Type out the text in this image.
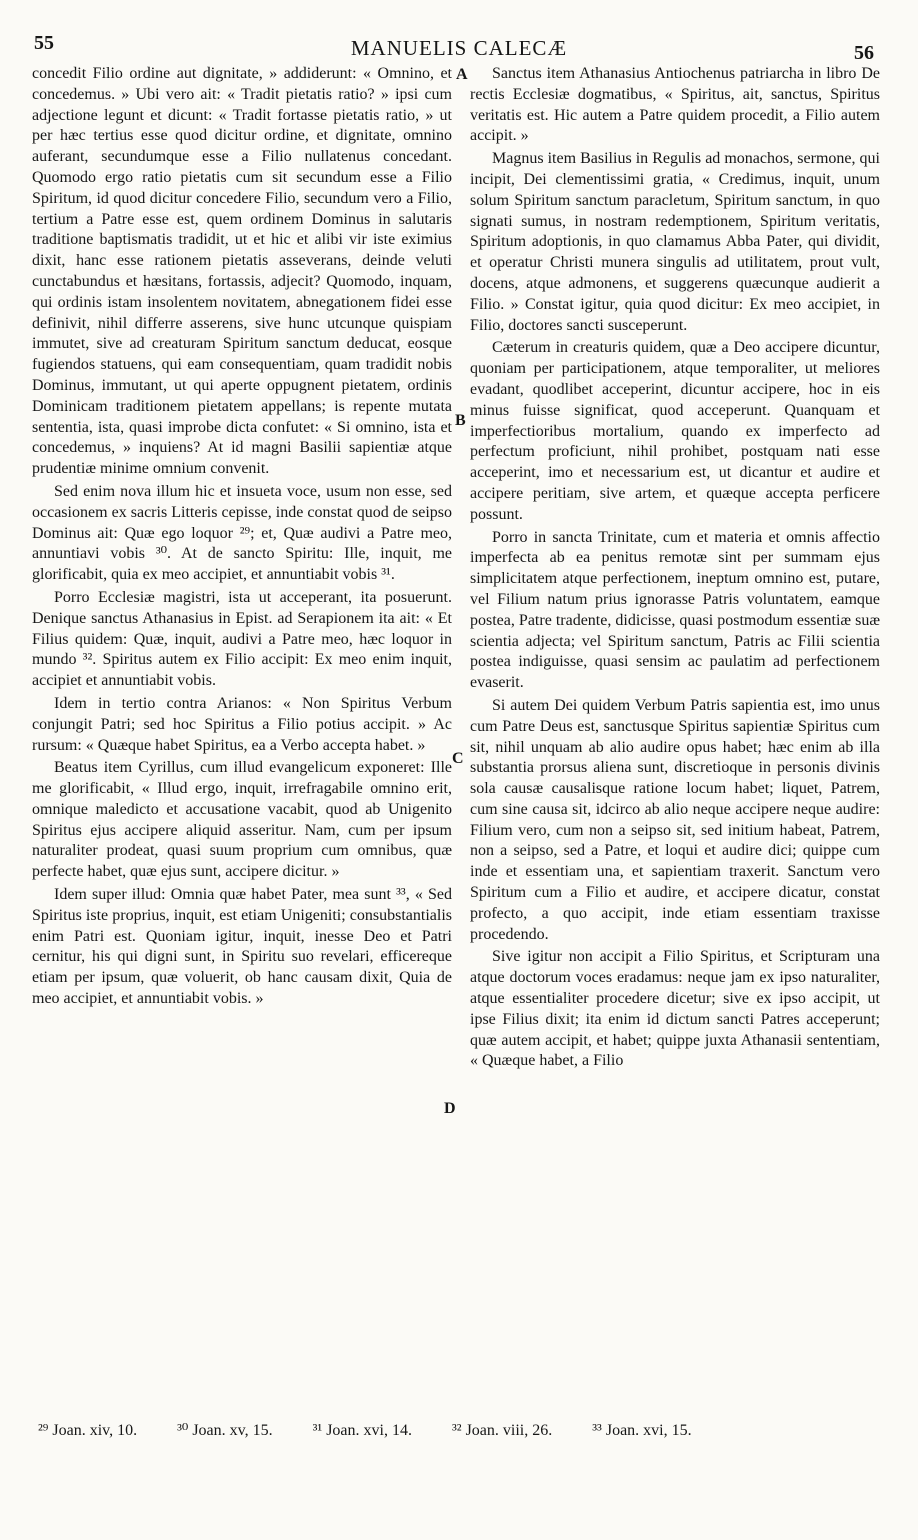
55	MANUELIS CALECÆ	56

concedit Filio ordine aut dignitate, » addiderunt: « Omnino, et concedemus. » Ubi vero ait: « Tradit pietatis ratio? » ipsi cum adjectione legunt et dicunt: « Tradit fortasse pietatis ratio, » ut per hæc tertius esse quod dicitur ordine, et dignitate, omnino auferant, secundumque esse a Filio nullatenus concedant. Quomodo ergo ratio pietatis cum sit secundum esse a Filio Spiritum, id quod dicitur concedere Filio, secundum vero a Filio, tertium a Patre esse est, quem ordinem Dominus in salutaris traditione baptismatis tradidit, ut et hic et alibi vir iste eximius dixit, hanc esse rationem pietatis asseverans, deinde veluti cunctabundus et hæsitans, fortassis, adjecit? Quomodo, inquam, qui ordinis istam insolentem novitatem, abnegationem fidei esse definivit, nihil differre asserens, sive hunc utcunque quispiam immutet, sive ad creaturam Spiritum sanctum deducat, eosque fugiendos statuens, qui eam consequentiam, quam tradidit nobis Dominus, immutant, ut qui aperte oppugnent pietatem, ordinis Dominicam traditionem pietatem appellans; is repente mutata sententia, ista, quasi improbe dicta confutet: « Si omnino, ista et concedemus, » inquiens? At id magni Basilii sapientiæ atque prudentiæ minime omnium convenit.

Sed enim nova illum hic et insueta voce, usum non esse, sed occasionem ex sacris Litteris cepisse, inde constat quod de seipso Dominus ait: Quæ ego loquor ²⁹; et, Quæ audivi a Patre meo, annuntiavi vobis ³⁰. At de sancto Spiritu: Ille, inquit, me glorificabit, quia ex meo accipiet, et annuntiabit vobis ³¹.

Porro Ecclesiæ magistri, ista ut acceperant, ita posuerunt. Denique sanctus Athanasius in Epist. ad Serapionem ita ait: « Et Filius quidem: Quæ, inquit, audivi a Patre meo, hæc loquor in mundo ³². Spiritus autem ex Filio accipit: Ex meo enim inquit, accipiet et annuntiabit vobis.

Idem in tertio contra Arianos: « Non Spiritus Verbum conjungit Patri; sed hoc Spiritus a Filio potius accipit. » Ac rursum: « Quæque habet Spiritus, ea a Verbo accepta habet. »

Beatus item Cyrillus, cum illud evangelicum exponeret: Ille me glorificabit, « Illud ergo, inquit, irrefragabile omnino erit, omnique maledicto et accusatione vacabit, quod ab Unigenito Spiritus ejus accipere aliquid asseritur. Nam, cum per ipsum naturaliter prodeat, quasi suum proprium cum omnibus, quæ perfecte habet, quæ ejus sunt, accipere dicitur. »

Idem super illud: Omnia quæ habet Pater, mea sunt ³³, « Sed Spiritus iste proprius, inquit, est etiam Unigeniti; consubstantialis enim Patri est. Quoniam igitur, inquit, inesse Deo et Patri cernitur, his qui digni sunt, in Spiritu suo revelari, efficereque etiam per ipsum, quæ voluerit, ob hanc causam dixit, Quia de meo accipiet, et annuntiabit vobis. »

A
B
C
D

Sanctus item Athanasius Antiochenus patriarcha in libro De rectis Ecclesiæ dogmatibus, « Spiritus, ait, sanctus, Spiritus veritatis est. Hic autem a Patre quidem procedit, a Filio autem accipit. »

Magnus item Basilius in Regulis ad monachos, sermone, qui incipit, Dei clementissimi gratia, « Credimus, inquit, unum solum Spiritum sanctum paracletum, Spiritum sanctum, in quo signati sumus, in nostram redemptionem, Spiritum veritatis, Spiritum adoptionis, in quo clamamus Abba Pater, qui dividit, et operatur Christi munera singulis ad utilitatem, prout vult, docens, atque admonens, et suggerens quæcunque audierit a Filio. » Constat igitur, quia quod dicitur: Ex meo accipiet, in Filio, doctores sancti susceperunt.

Cæterum in creaturis quidem, quæ a Deo accipere dicuntur, quoniam per participationem, atque temporaliter, ut meliores evadant, quodlibet acceperint, dicuntur accipere, hoc in eis minus fuisse significat, quod acceperunt. Quanquam et imperfectioribus mortalium, quando ex imperfecto ad perfectum proficiunt, nihil prohibet, postquam nati esse acceperint, imo et necessarium est, ut dicantur et audire et accipere peritiam, sive artem, et quæque accepta perficere possunt.

Porro in sancta Trinitate, cum et materia et omnis affectio imperfecta ab ea penitus remotæ sint per summam ejus simplicitatem atque perfectionem, ineptum omnino est, putare, vel Filium natum prius ignorasse Patris voluntatem, eamque postea, Patre tradente, didicisse, quasi postmodum essentiæ suæ scientia adjecta; vel Spiritum sanctum, Patris ac Filii scientia postea indiguisse, quasi sensim ac paulatim ad perfectionem evaserit.

Si autem Dei quidem Verbum Patris sapientia est, imo unus cum Patre Deus est, sanctusque Spiritus sapientiæ Spiritus cum sit, nihil unquam ab alio audire opus habet; hæc enim ab illa substantia prorsus aliena sunt, discretioque in personis divinis sola causæ causalisque ratione locum habet; liquet, Patrem, cum sine causa sit, idcirco ab alio neque accipere neque audire: Filium vero, cum non a seipso sit, sed initium habeat, Patrem, non a seipso, sed a Patre, et loqui et audire dici; quippe cum inde et essentiam una, et sapientiam traxerit. Sanctum vero Spiritum cum a Filio et audire, et accipere dicatur, constat profecto, a quo accipit, inde etiam essentiam traxisse procedendo.

Sive igitur non accipit a Filio Spiritus, et Scripturam una atque doctorum voces eradamus: neque jam ex ipso naturaliter, atque essentialiter procedere dicetur; sive ex ipso accipit, ut ipse Filius dixit; ita enim id dictum sancti Patres acceperunt; quæ autem accipit, et habet; quippe juxta Athanasii sententiam, « Quæque habet, a Filio

²⁹ Joan. xiv, 10.	³⁰ Joan. xv, 15.	³¹ Joan. xvi, 14.	³² Joan. viii, 26.	³³ Joan. xvi, 15.
